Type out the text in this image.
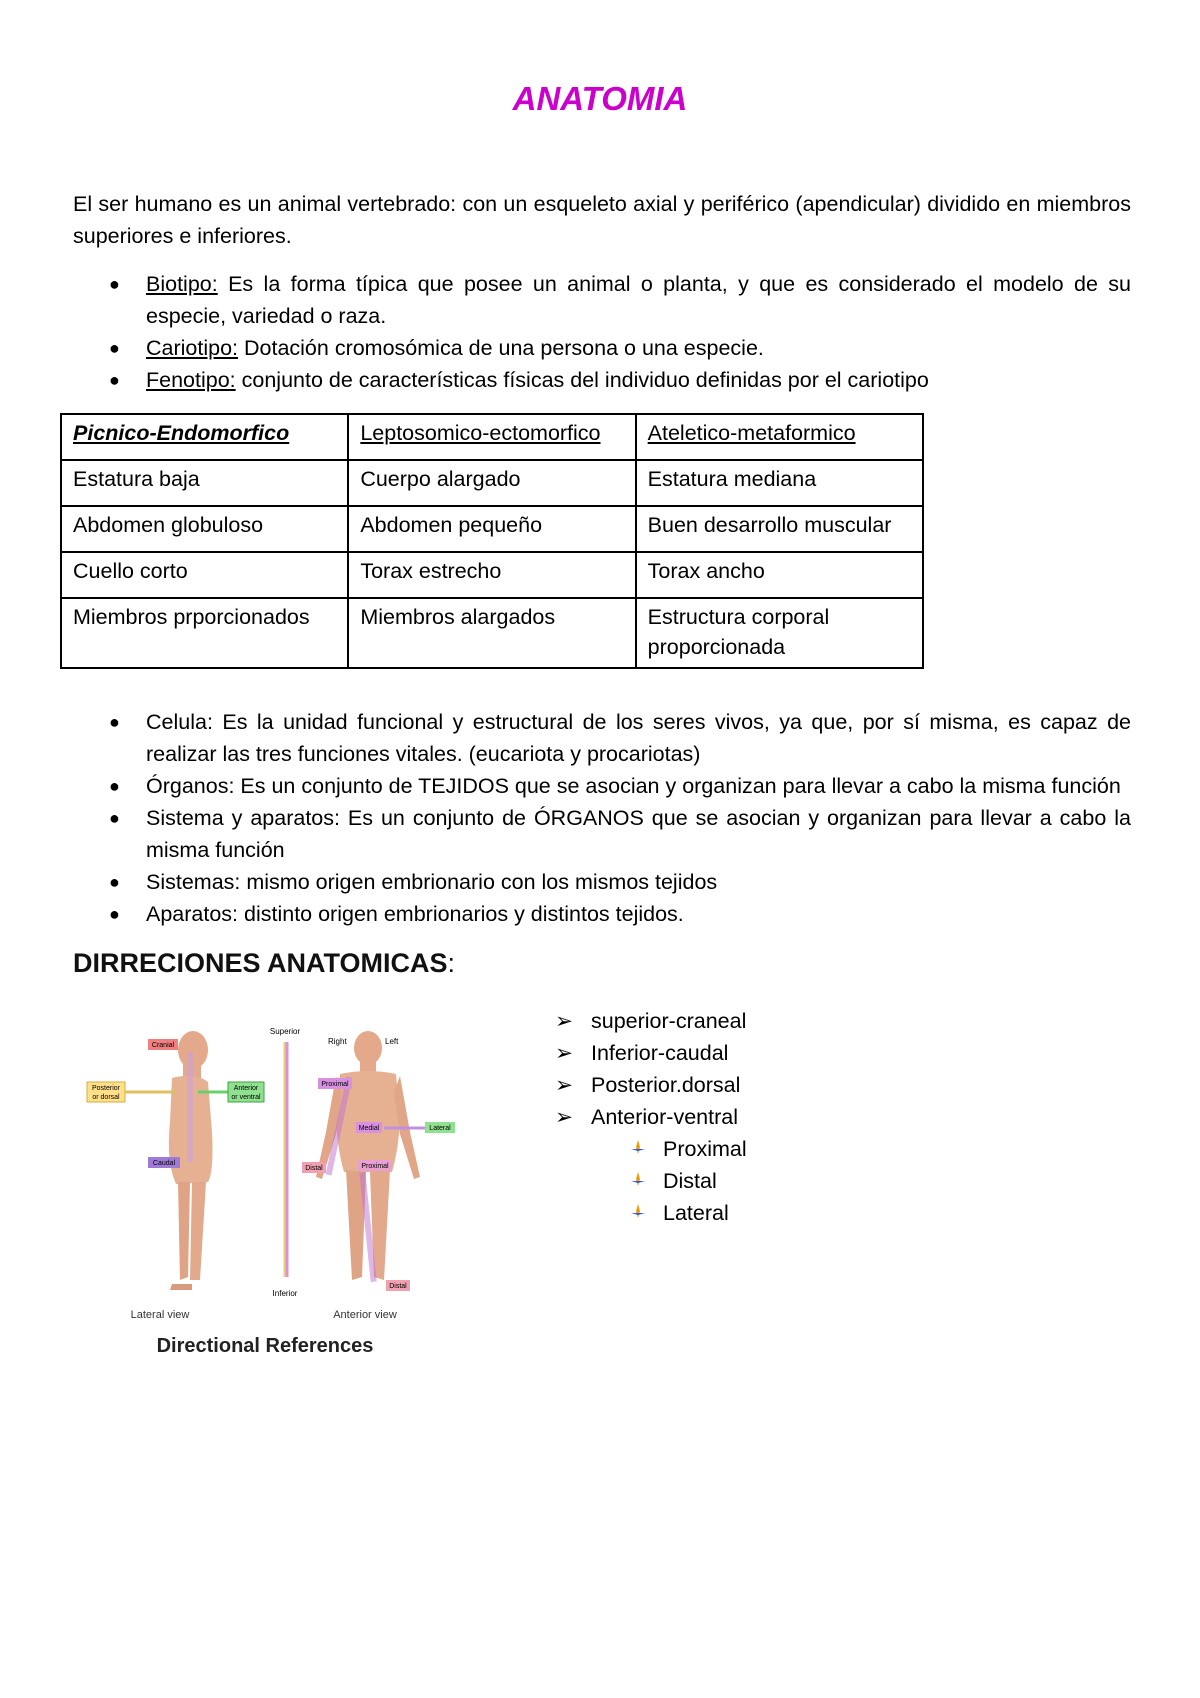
ANATOMIA
El ser humano es un animal vertebrado: con un esqueleto axial y periférico (apendicular) dividido en miembros superiores e inferiores.
● Biotipo: Es la forma típica que posee un animal o planta, y que es considerado el modelo de su especie, variedad o raza.
● Cariotipo: Dotación cromosómica de una persona o una especie.
● Fenotipo: conjunto de características físicas del individuo definidas por el cariotipo
Picnico-Endomorfico	Leptosomico-ectomorfico	Ateletico-metaformico
Estatura baja	Cuerpo alargado	Estatura mediana
Abdomen globuloso	Abdomen pequeño	Buen desarrollo muscular
Cuello corto	Torax estrecho	Torax ancho
Miembros prporcionados	Miembros alargados	Estructura corporal proporcionada
● Celula: Es la unidad funcional y estructural de los seres vivos, ya que, por sí misma, es capaz de realizar las tres funciones vitales. (eucariota y procariotas)
● Órganos: Es un conjunto de TEJIDOS que se asocian y organizan para llevar a cabo la misma función
● Sistema y aparatos: Es un conjunto de ÓRGANOS que se asocian y organizan para llevar a cabo la misma función
● Sistemas: mismo origen embrionario con los mismos tejidos
● Aparatos: distinto origen embrionarios y distintos tejidos.
DIRRECIONES ANATOMICAS:
Cranial
Caudal
Posterior
or dorsal
Anterior
or ventral
Superior
Inferior
Right	Left
Proximal
Medial	Lateral
Distal	Proximal
Distal
Lateral view	Anterior view
Directional References
➢ superior-craneal
➢ Inferior-caudal
➢ Posterior.dorsal
➢ Anterior-ventral
Proximal
Distal
Lateral
